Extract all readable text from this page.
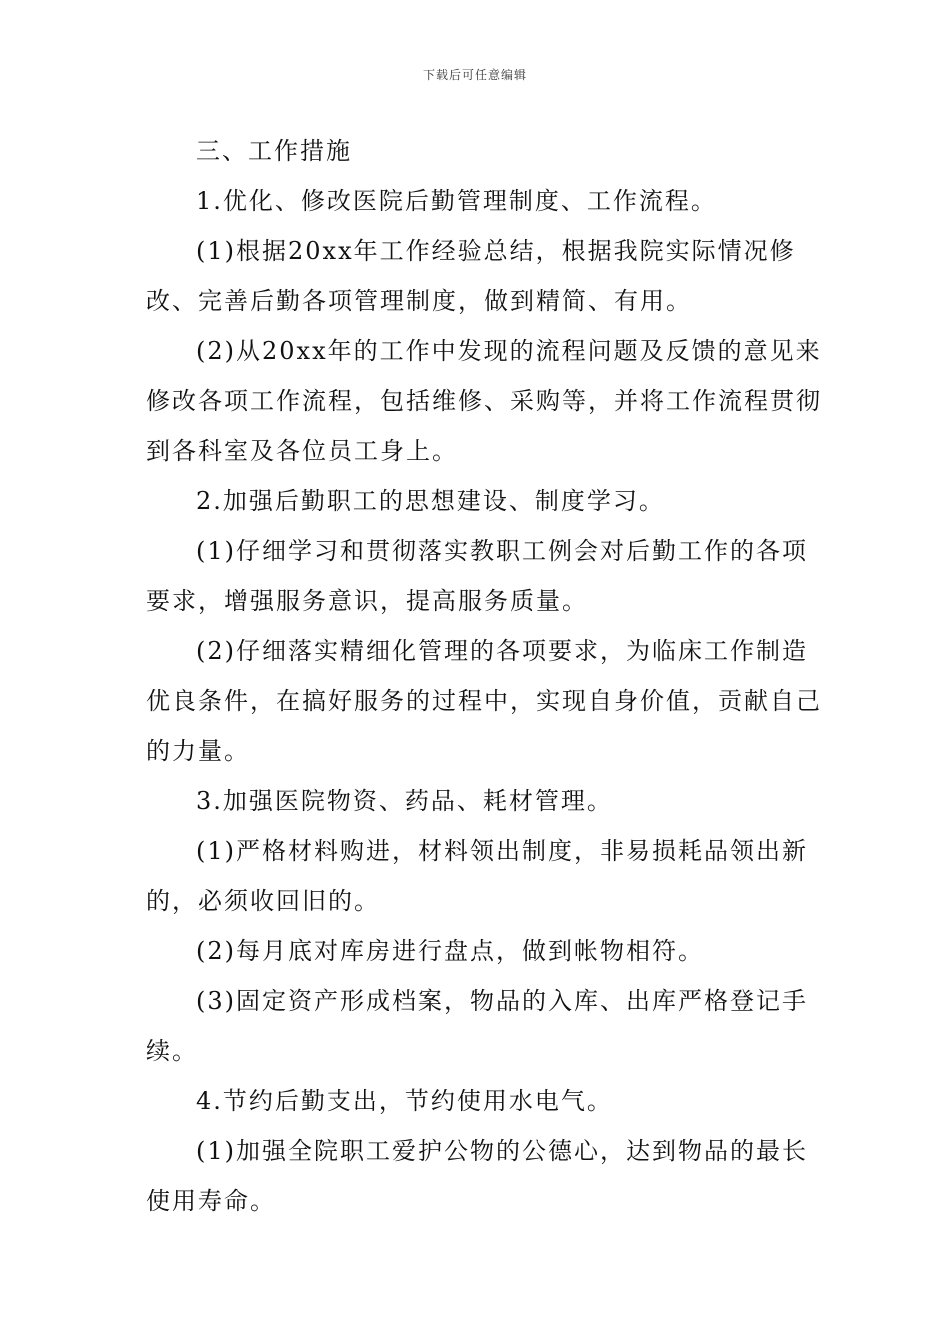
下载后可任意编辑

三、工作措施

1.优化、修改医院后勤管理制度、工作流程。

(1)根据20xx年工作经验总结，根据我院实际情况修改、完善后勤各项管理制度，做到精简、有用。

(2)从20xx年的工作中发现的流程问题及反馈的意见来修改各项工作流程，包括维修、采购等，并将工作流程贯彻到各科室及各位员工身上。

2.加强后勤职工的思想建设、制度学习。

(1)仔细学习和贯彻落实教职工例会对后勤工作的各项要求，增强服务意识，提高服务质量。

(2)仔细落实精细化管理的各项要求，为临床工作制造优良条件，在搞好服务的过程中，实现自身价值，贡献自己的力量。

3.加强医院物资、药品、耗材管理。

(1)严格材料购进，材料领出制度，非易损耗品领出新的，必须收回旧的。

(2)每月底对库房进行盘点，做到帐物相符。

(3)固定资产形成档案，物品的入库、出库严格登记手续。

4.节约后勤支出，节约使用水电气。

(1)加强全院职工爱护公物的公德心，达到物品的最长使用寿命。
